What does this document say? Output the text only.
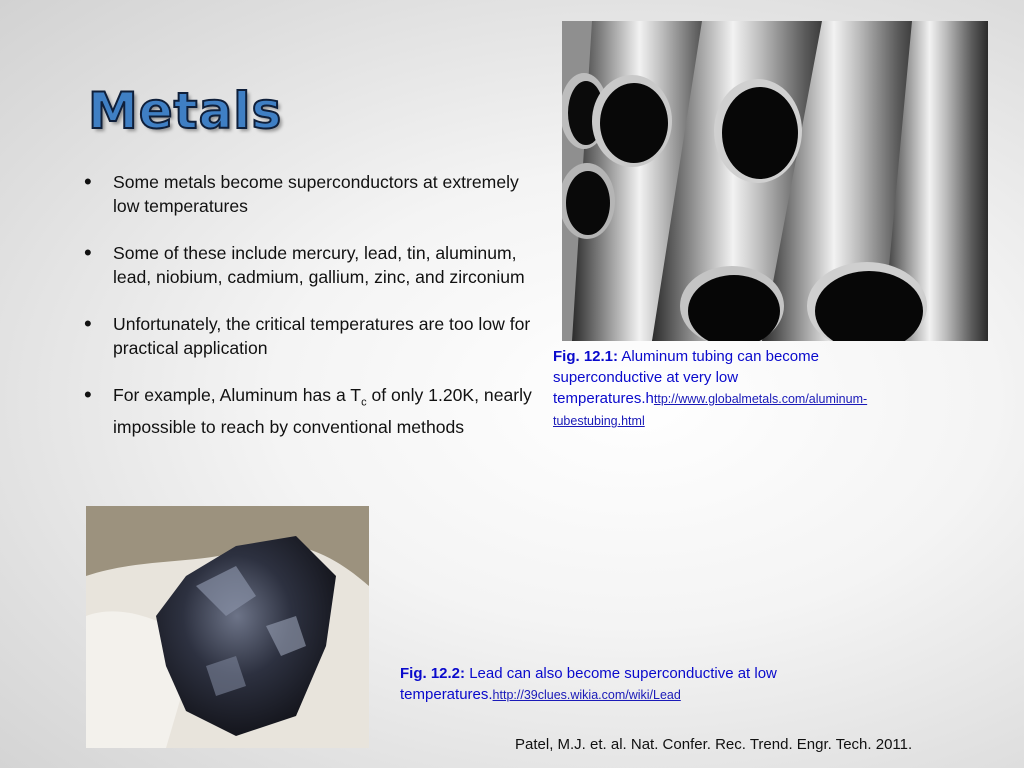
Metals
• Some metals become superconductors at extremely low temperatures
• Some of these include mercury, lead, tin, aluminum, lead, niobium, cadmium, gallium, zinc, and zirconium
• Unfortunately, the critical temperatures are too low for practical application
• For example, Aluminum has a $T_c$ of only 1.20K, nearly impossible to reach by conventional methods
Fig. 12.1: Aluminum tubing can become superconductive at very low temperatures.http://www.globalmetals.com/aluminum-tubestubing.html
Fig. 12.2: Lead can also become superconductive at low temperatures.http://39clues.wikia.com/wiki/Lead
Patel, M.J. et. al. Nat. Confer. Rec. Trend. Engr. Tech. 2011.
